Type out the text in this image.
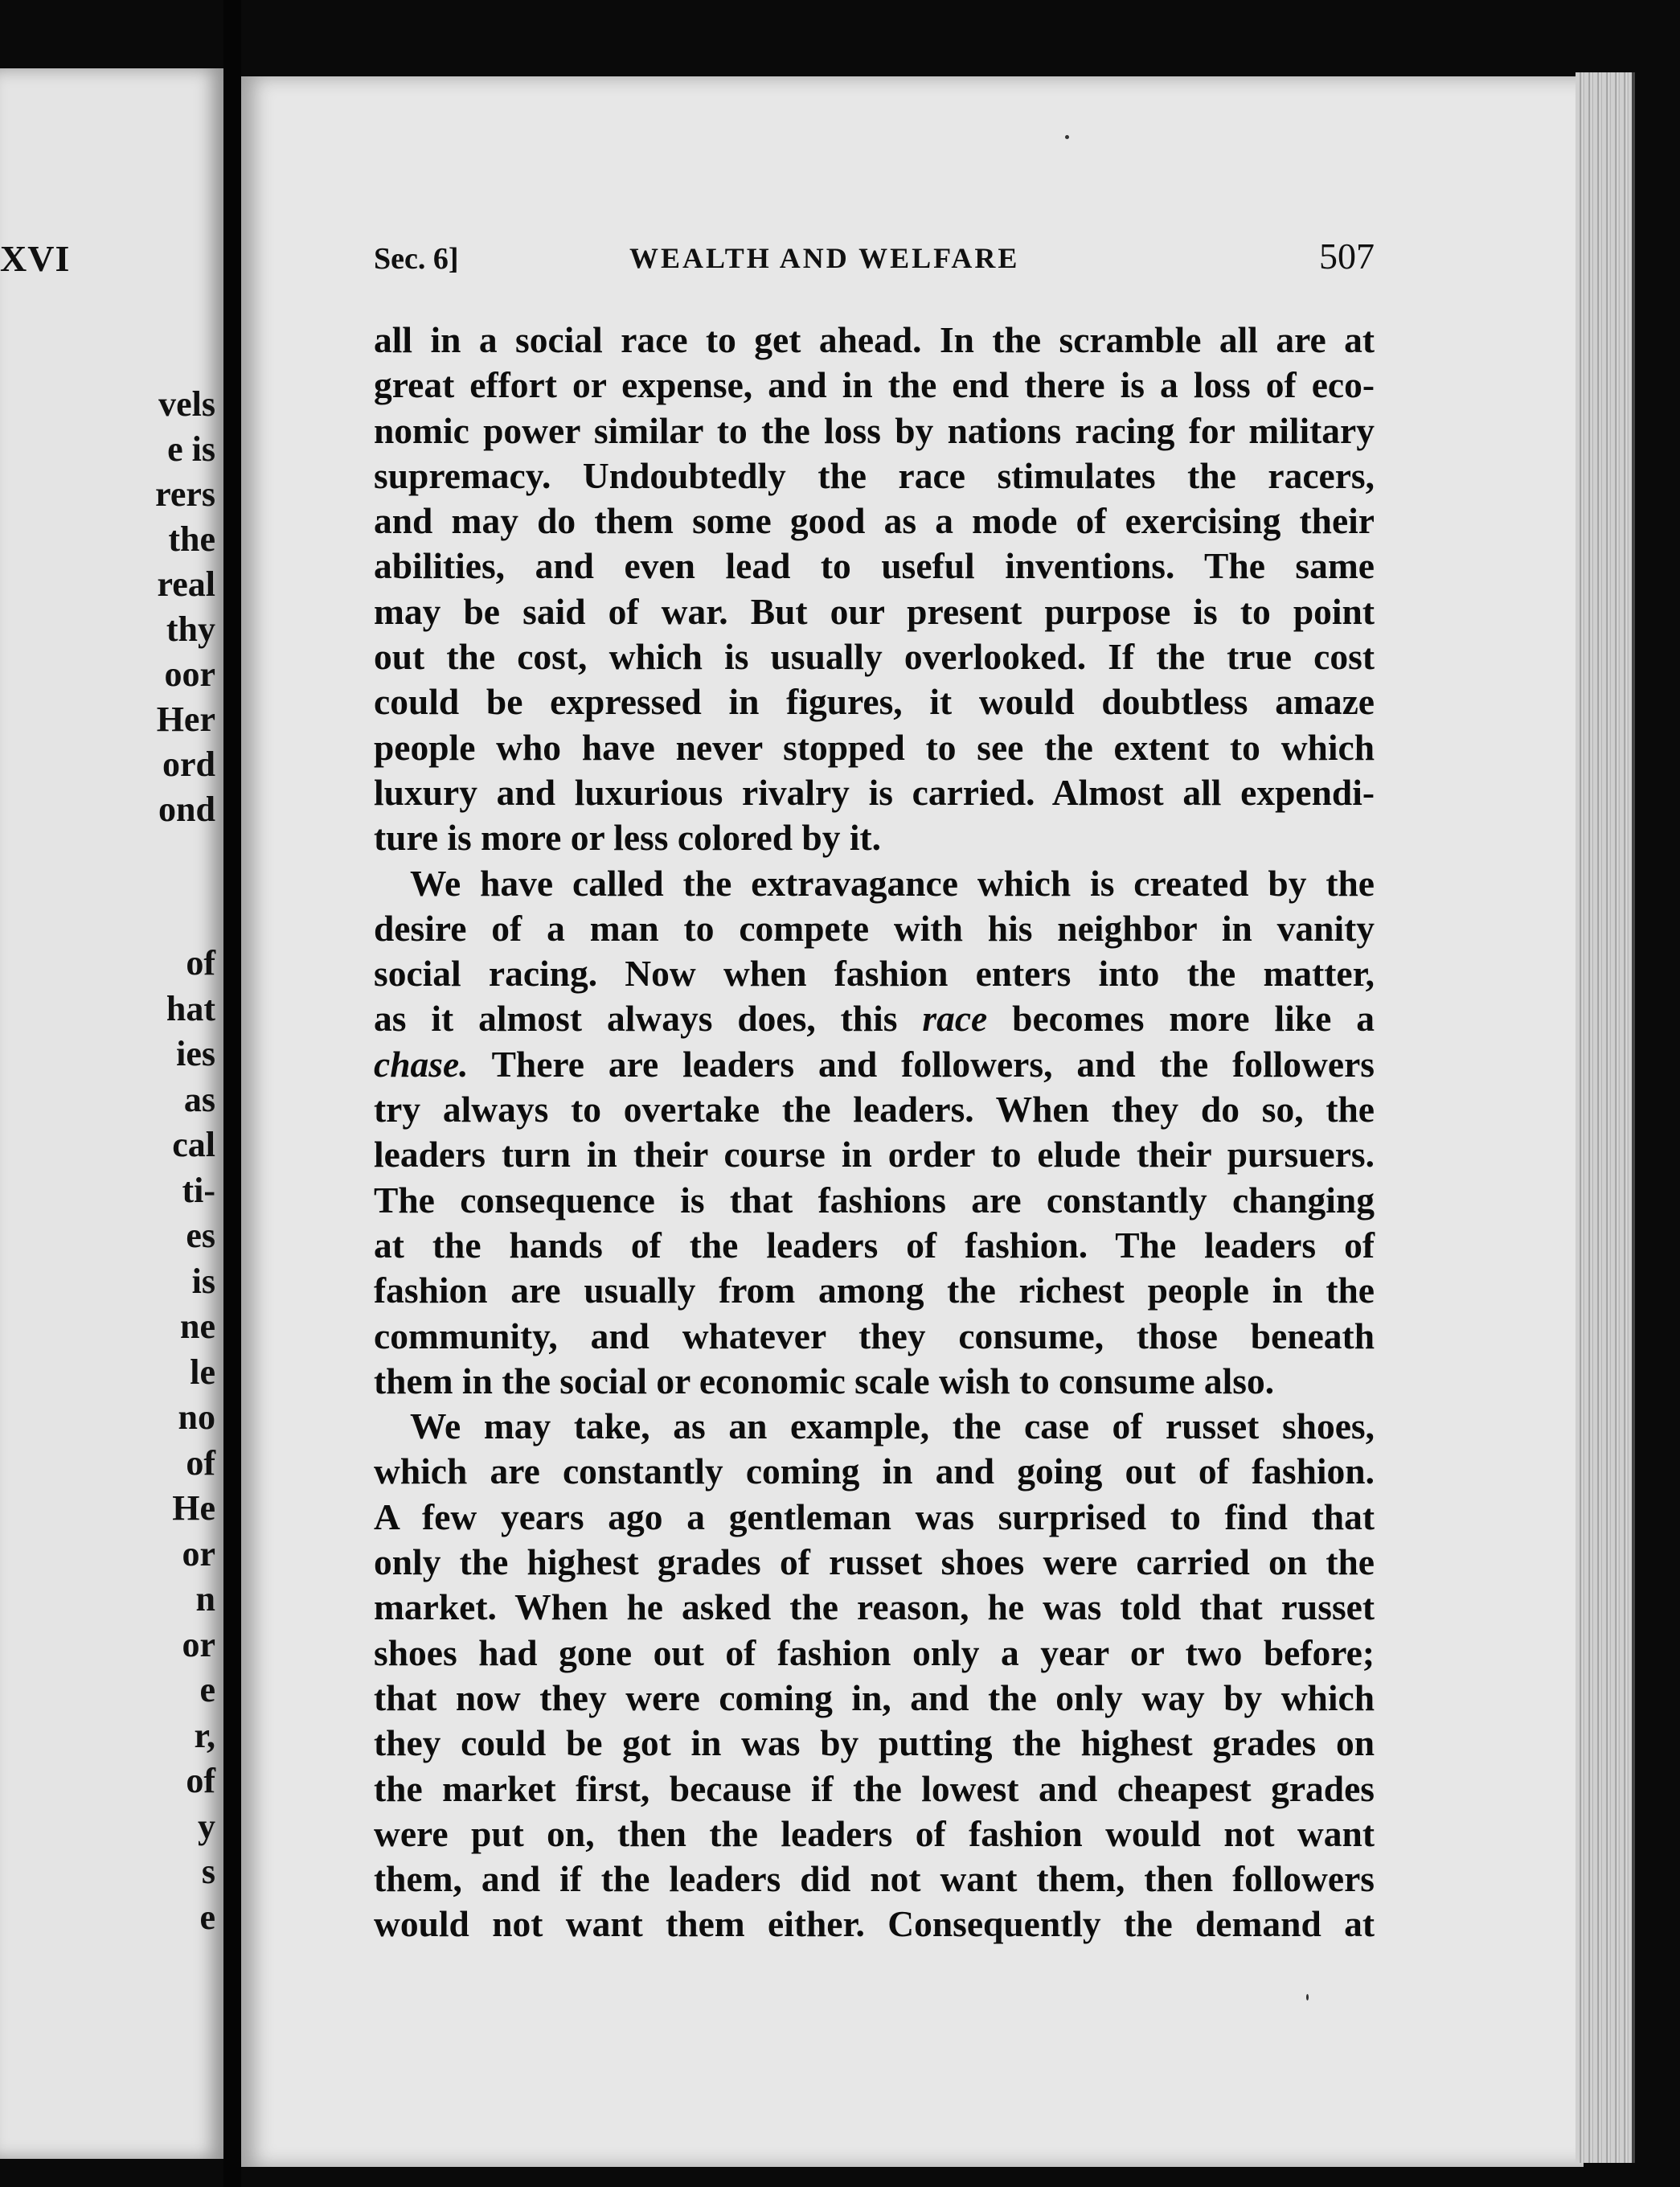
XVI
vels
e is
rers
the
real
thy
oor
Her
ord
ond
of
hat
ies
as
cal
ti-
es
is
ne
le
no
of
He
or
n
or
e
r,
of
y
s
e
Sec. 6]	WEALTH AND WELFARE	507
all in a social race to get ahead. In the scramble all are at
great effort or expense, and in the end there is a loss of eco-
nomic power similar to the loss by nations racing for military
supremacy. Undoubtedly the race stimulates the racers,
and may do them some good as a mode of exercising their
abilities, and even lead to useful inventions. The same
may be said of war. But our present purpose is to point
out the cost, which is usually overlooked. If the true cost
could be expressed in figures, it would doubtless amaze
people who have never stopped to see the extent to which
luxury and luxurious rivalry is carried. Almost all expendi-
ture is more or less colored by it.
We have called the extravagance which is created by the
desire of a man to compete with his neighbor in vanity
social racing. Now when fashion enters into the matter,
as it almost always does, this race becomes more like a
chase. There are leaders and followers, and the followers
try always to overtake the leaders. When they do so, the
leaders turn in their course in order to elude their pursuers.
The consequence is that fashions are constantly changing
at the hands of the leaders of fashion. The leaders of
fashion are usually from among the richest people in the
community, and whatever they consume, those beneath
them in the social or economic scale wish to consume also.
We may take, as an example, the case of russet shoes,
which are constantly coming in and going out of fashion.
A few years ago a gentleman was surprised to find that
only the highest grades of russet shoes were carried on the
market. When he asked the reason, he was told that russet
shoes had gone out of fashion only a year or two before;
that now they were coming in, and the only way by which
they could be got in was by putting the highest grades on
the market first, because if the lowest and cheapest grades
were put on, then the leaders of fashion would not want
them, and if the leaders did not want them, then followers
would not want them either. Consequently the demand at
